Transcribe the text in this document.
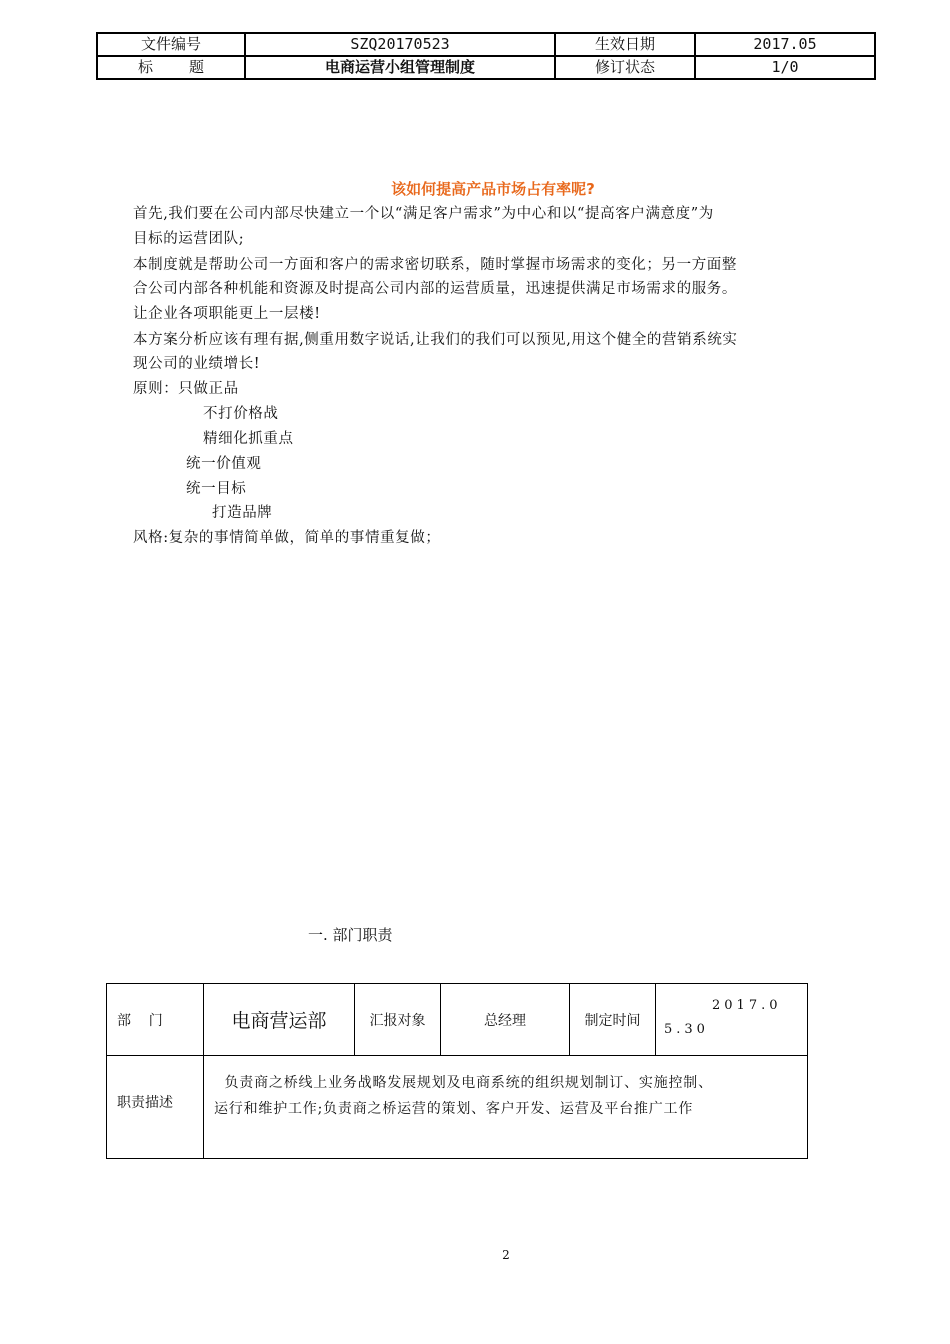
文件编号	SZQ20170523	生效日期	2017.05
标    题	电商运营小组管理制度	修订状态	1/0
该如何提高产品市场占有率呢?
首先,我们要在公司内部尽快建立一个以“满足客户需求”为中心和以“提高客户满意度”为
目标的运营团队;
本制度就是帮助公司一方面和客户的需求密切联系，随时掌握市场需求的变化；另一方面整
合公司内部各种机能和资源及时提高公司内部的运营质量，迅速提供满足市场需求的服务。
让企业各项职能更上一层楼!
本方案分析应该有理有据,侧重用数字说话,让我们的我们可以预见,用这个健全的营销系统实
现公司的业绩增长!
原则：只做正品
不打价格战
精细化抓重点
统一价值观
统一目标
打造品牌
风格:复杂的事情简单做，简单的事情重复做；
一. 部门职责
部    门	电商营运部	汇报对象	总经理	制定时间	2017.0
5.30

职责描述	负责商之桥线上业务战略发展规划及电商系统的组织规划制订、实施控制、
运行和维护工作;负责商之桥运营的策划、客户开发、运营及平台推广工作				
2
